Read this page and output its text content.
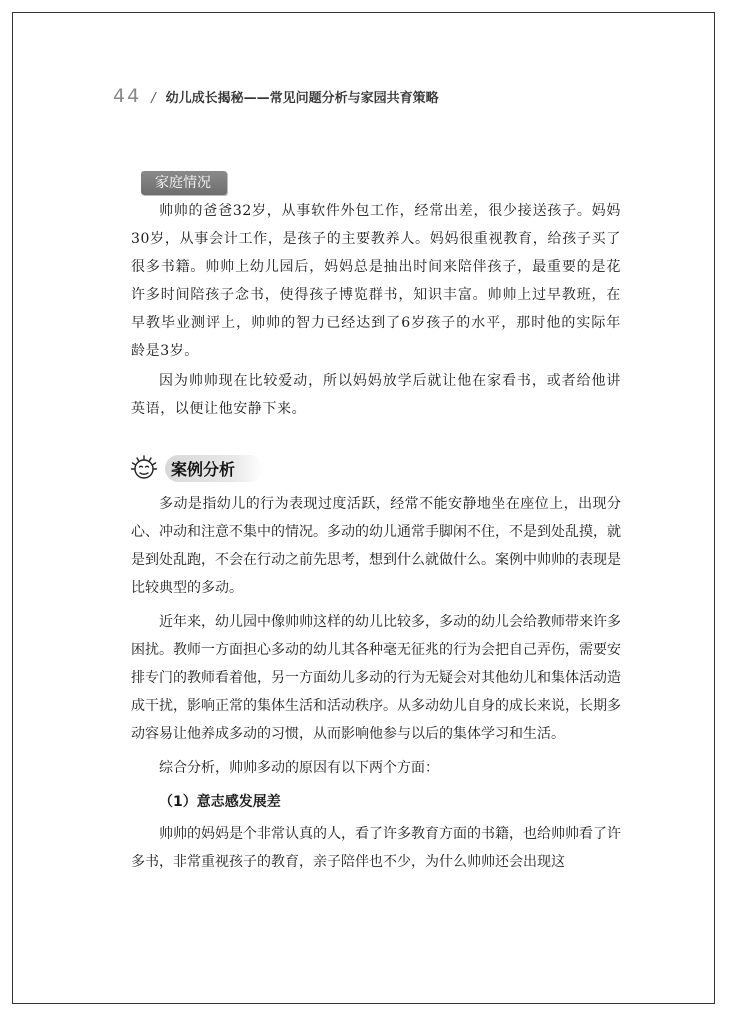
44 / 幼儿成长揭秘——常见问题分析与家园共育策略
家庭情况

帅帅的爸爸32岁，从事软件外包工作，经常出差，很少接送孩子。妈妈30岁，从事会计工作，是孩子的主要教养人。妈妈很重视教育，给孩子买了很多书籍。帅帅上幼儿园后，妈妈总是抽出时间来陪伴孩子，最重要的是花许多时间陪孩子念书，使得孩子博览群书，知识丰富。帅帅上过早教班，在早教毕业测评上，帅帅的智力已经达到了6岁孩子的水平，那时他的实际年龄是3岁。

因为帅帅现在比较爱动，所以妈妈放学后就让他在家看书，或者给他讲英语，以便让他安静下来。

案例分析

多动是指幼儿的行为表现过度活跃，经常不能安静地坐在座位上，出现分心、冲动和注意不集中的情况。多动的幼儿通常手脚闲不住，不是到处乱摸，就是到处乱跑，不会在行动之前先思考，想到什么就做什么。案例中帅帅的表现是比较典型的多动。

近年来，幼儿园中像帅帅这样的幼儿比较多，多动的幼儿会给教师带来许多困扰。教师一方面担心多动的幼儿其各种毫无征兆的行为会把自己弄伤，需要安排专门的教师看着他，另一方面幼儿多动的行为无疑会对其他幼儿和集体活动造成干扰，影响正常的集体生活和活动秩序。从多动幼儿自身的成长来说，长期多动容易让他养成多动的习惯，从而影响他参与以后的集体学习和生活。

综合分析，帅帅多动的原因有以下两个方面：

（1）意志感发展差

帅帅的妈妈是个非常认真的人，看了许多教育方面的书籍，也给帅帅看了许多书，非常重视孩子的教育，亲子陪伴也不少，为什么帅帅还会出现这
